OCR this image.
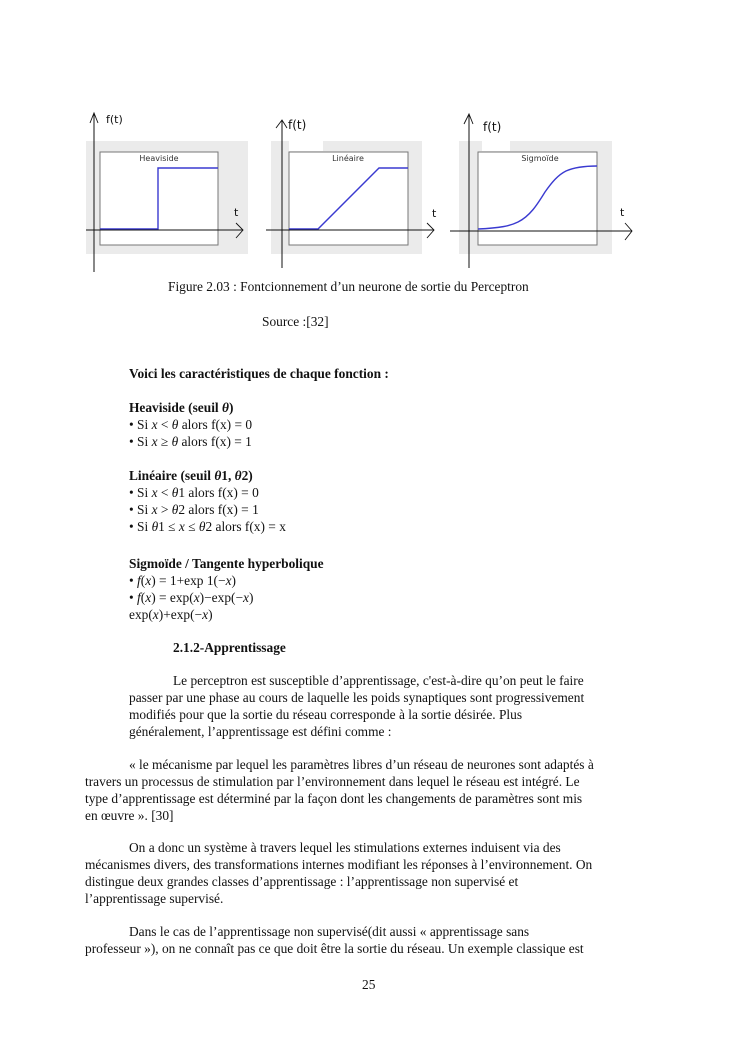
Heaviside
f(t)
t
Linéaire
f(t)
t
Sigmoïde
f(t)
t
Figure 2.03 : Fontcionnement d’un neurone de sortie du Perceptron
Source :[32]
Voici les caractéristiques de chaque fonction :
Heaviside (seuil θ)
• Si x < θ alors f(x) = 0
• Si x ≥ θ alors f(x) = 1
Linéaire (seuil θ1, θ2)
• Si x < θ1 alors f(x) = 0
• Si x > θ2 alors f(x) = 1
• Si θ1 ≤ x ≤ θ2 alors f(x) = x
Sigmoïde / Tangente hyperbolique
• f(x) = 1+exp 1(−x)
• f(x) = exp(x)−exp(−x)
exp(x)+exp(−x)
2.1.2-Apprentissage
Le perceptron est susceptible d’apprentissage, c'est-à-dire qu’on peut le faire
passer par une phase au cours de laquelle les poids synaptiques sont progressivement
modifiés pour que la sortie du réseau corresponde à la sortie désirée. Plus
généralement, l’apprentissage est défini comme :
« le mécanisme par lequel les paramètres libres d’un réseau de neurones sont adaptés à
travers un processus de stimulation par l’environnement dans lequel le réseau est intégré. Le
type d’apprentissage est déterminé par la façon dont les changements de paramètres sont mis
en œuvre ». [30]
On a donc un système à travers lequel les stimulations externes induisent via des
mécanismes divers, des transformations internes modifiant les réponses à l’environnement. On
distingue deux grandes classes d’apprentissage : l’apprentissage non supervisé et
l’apprentissage supervisé.
Dans le cas de l’apprentissage non supervisé(dit aussi « apprentissage sans
professeur »), on ne connaît pas ce que doit être la sortie du réseau. Un exemple classique est
25
